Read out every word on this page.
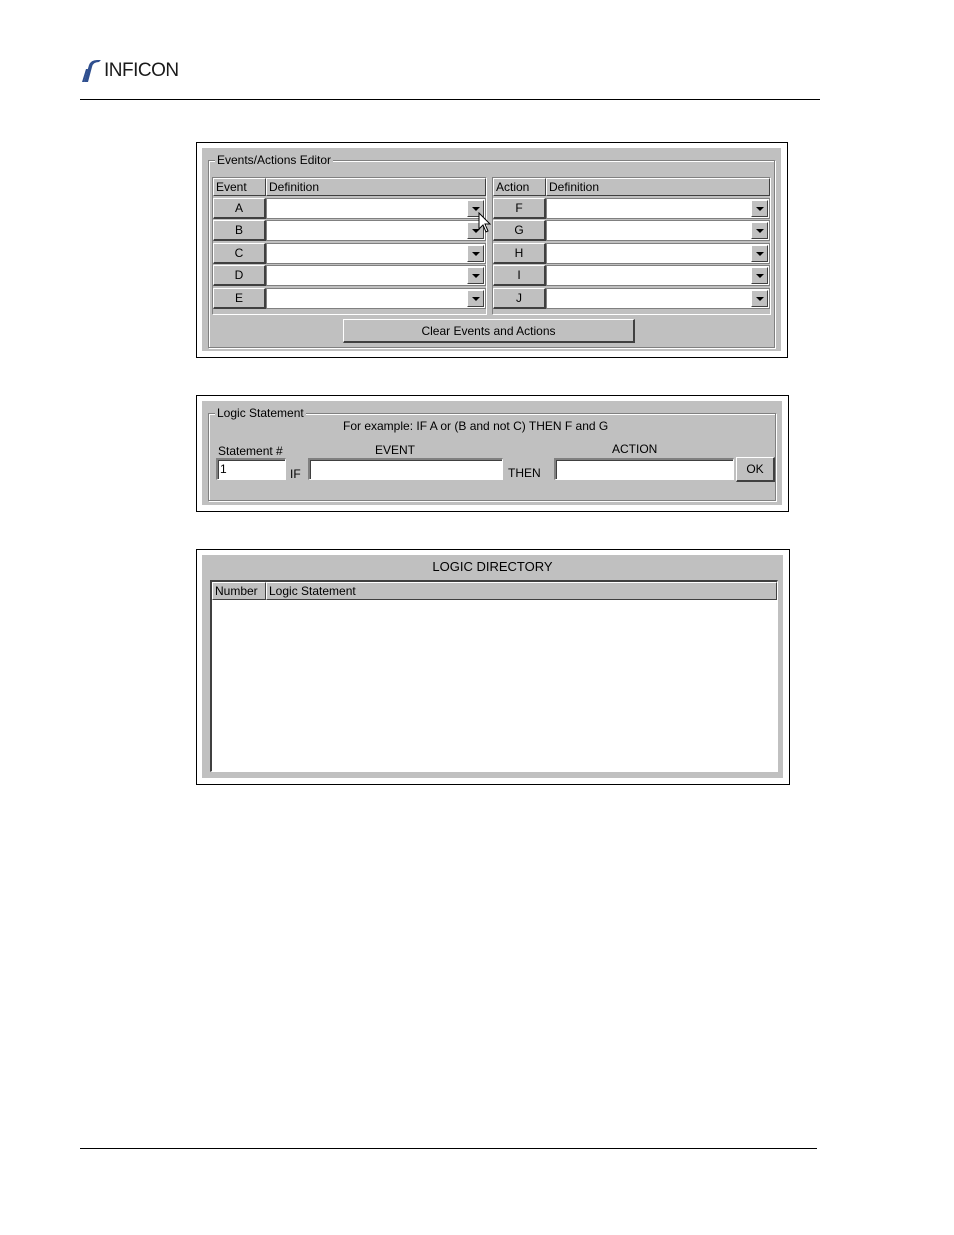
INFICON
Events/Actions Editor
Event	Definition
A
B
C
D
E
Action	Definition
F
G
H
I
J
Clear Events and Actions
Logic Statement
For example: IF A or (B and not C) THEN F and G
Statement #	EVENT	ACTION
1	IF	THEN	OK
LOGIC DIRECTORY
Number Logic Statement
